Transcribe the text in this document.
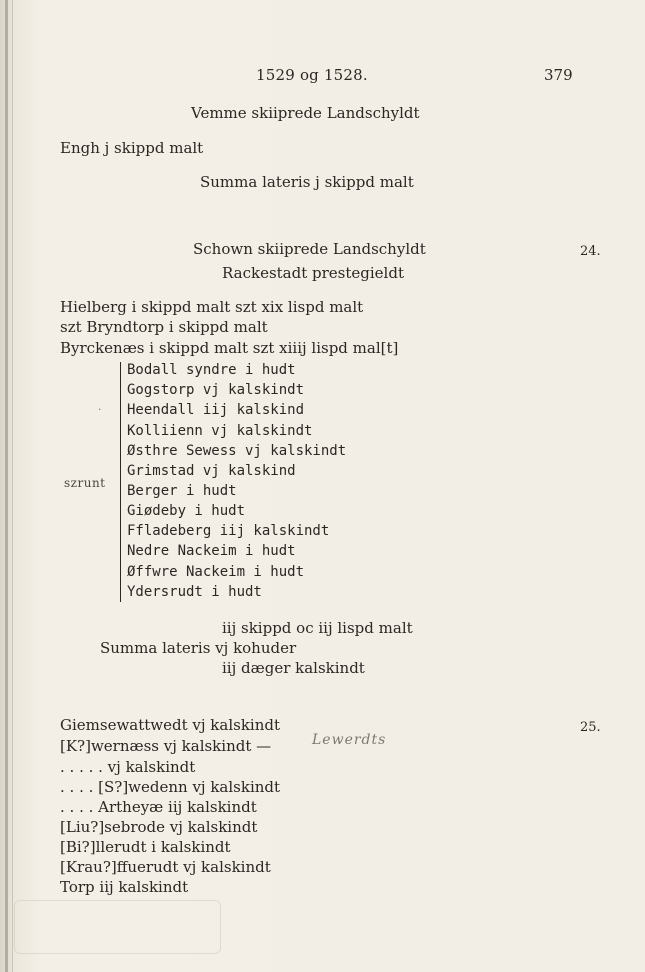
1529 og 1528.	379
Vemme skiiprede Landschyldt
Engh j skippd malt
Summa lateris j skippd malt
Schown skiiprede Landschyldt	24.
Rackestadt prestegieldt
Hielberg i skippd malt szt xix lispd malt
szt Bryndtorp i skippd malt
Byrckenæs i skippd malt szt xiiij lispd mal[t]
·
szrunt
Bodall syndre i hudt
Gogstorp vj kalskindt
Heendall iij kalskind
Kolliienn vj kalskindt
Østhre Sewess vj kalskindt
Grimstad vj kalskind
Berger i hudt
Giødeby i hudt
Ffladeberg iij kalskindt
Nedre Nackeim i hudt
Øffwre Nackeim i hudt
Ydersrudt i hudt
iij skippd oc iij lispd malt
Summa lateris vj kohuder
iij dæger kalskindt
25.
Lewerdts
Giemsewattwedt vj kalskindt
[K?]wernæss vj kalskindt —
. . . . . vj kalskindt
. . . . [S?]wedenn vj kalskindt
. . . . Artheyæ iij kalskindt
[Liu?]sebrode vj kalskindt
[Bi?]llerudt i kalskindt
[Krau?]ffuerudt vj kalskindt
Torp iij kalskindt
